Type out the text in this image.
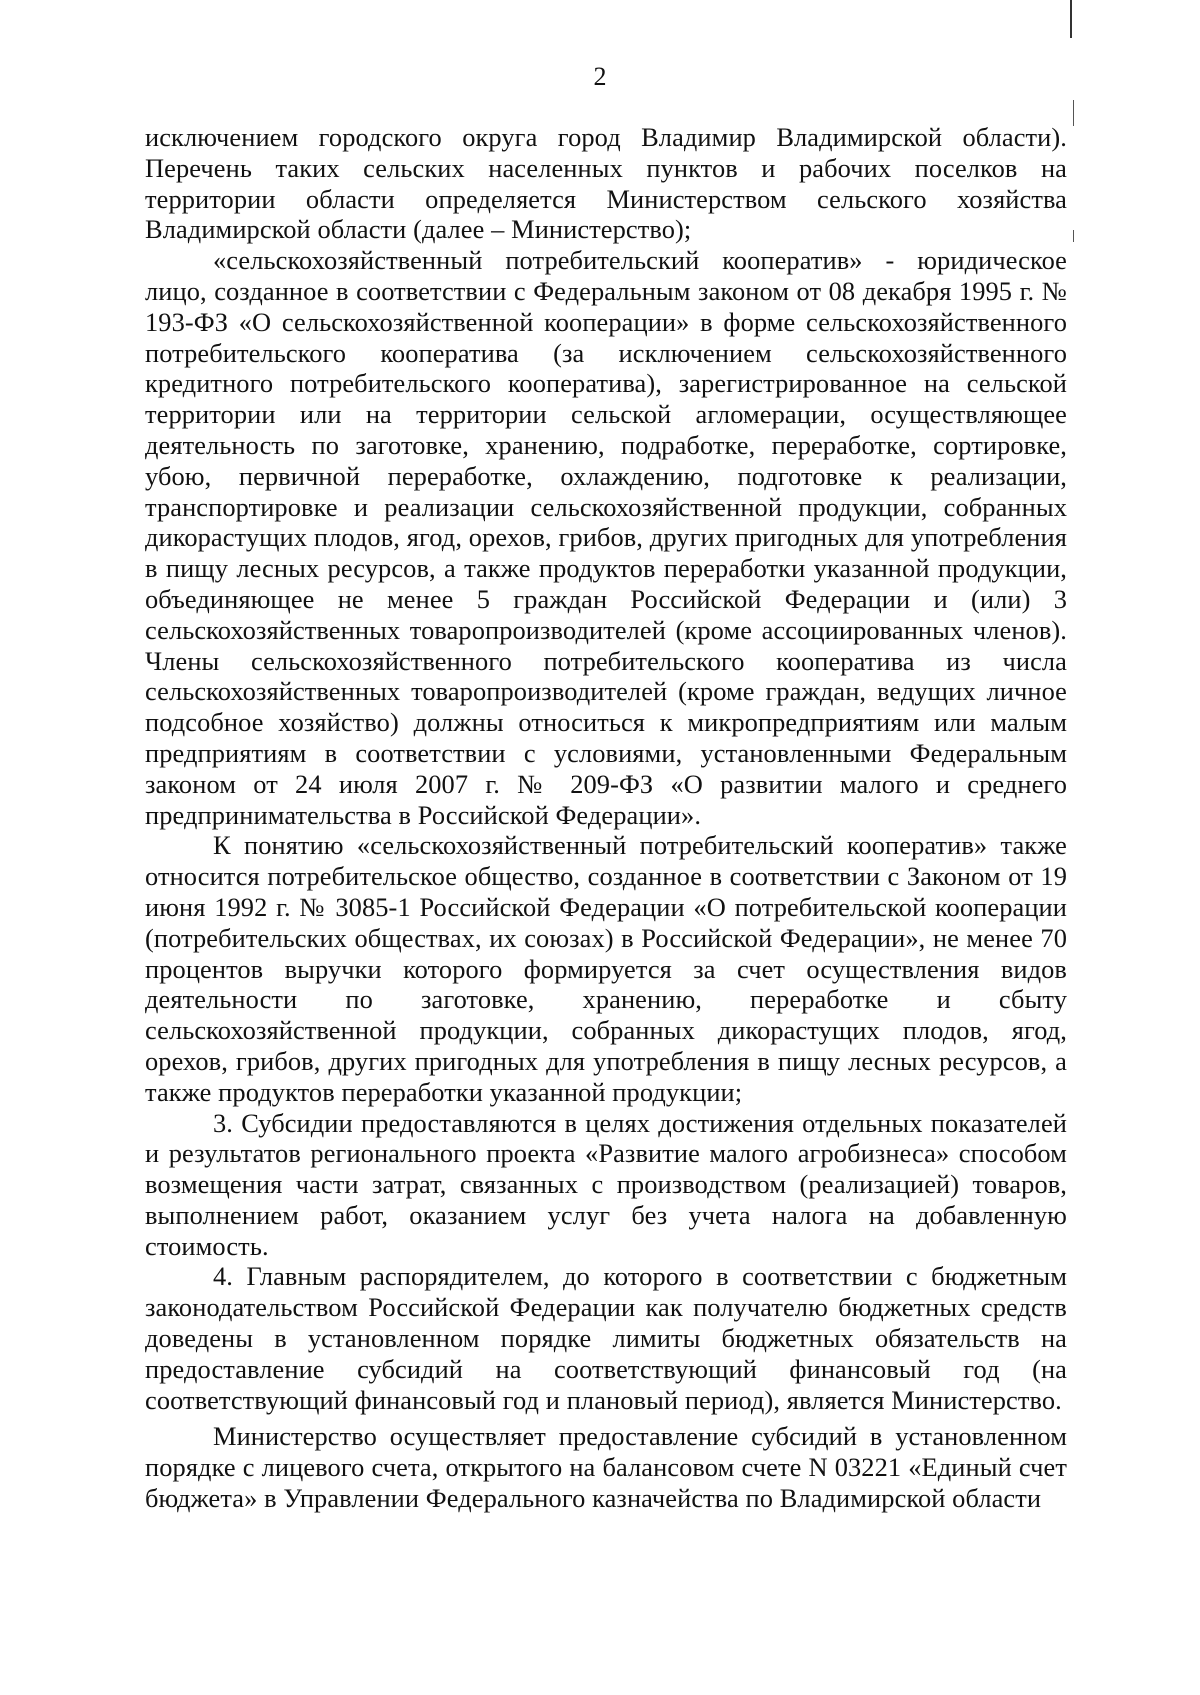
2

исключением городского округа город Владимир Владимирской области). Перечень таких сельских населенных пунктов и рабочих поселков на территории области определяется Министерством сельского хозяйства Владимирской области (далее – Министерство);

«сельскохозяйственный потребительский кооператив» - юридическое лицо, созданное в соответствии с Федеральным законом от 08 декабря 1995 г. № 193-ФЗ «О сельскохозяйственной кооперации» в форме сельскохозяйственного потребительского кооператива (за исключением сельскохозяйственного кредитного потребительского кооператива), зарегистрированное на сельской территории или на территории сельской агломерации, осуществляющее деятельность по заготовке, хранению, подработке, переработке, сортировке, убою, первичной переработке, охлаждению, подготовке к реализации, транспортировке и реализации сельскохозяйственной продукции, собранных дикорастущих плодов, ягод, орехов, грибов, других пригодных для употребления в пищу лесных ресурсов, а также продуктов переработки указанной продукции, объединяющее не менее 5 граждан Российской Федерации и (или) 3 сельскохозяйственных товаропроизводителей (кроме ассоциированных членов). Члены сельскохозяйственного потребительского кооператива из числа сельскохозяйственных товаропроизводителей (кроме граждан, ведущих личное подсобное хозяйство) должны относиться к микропредприятиям или малым предприятиям в соответствии с условиями, установленными Федеральным законом от 24 июля 2007 г. № 209-ФЗ «О развитии малого и среднего предпринимательства в Российской Федерации».

К понятию «сельскохозяйственный потребительский кооператив» также относится потребительское общество, созданное в соответствии с Законом от 19 июня 1992 г. № 3085-1 Российской Федерации «О потребительской кооперации (потребительских обществах, их союзах) в Российской Федерации», не менее 70 процентов выручки которого формируется за счет осуществления видов деятельности по заготовке, хранению, переработке и сбыту сельскохозяйственной продукции, собранных дикорастущих плодов, ягод, орехов, грибов, других пригодных для употребления в пищу лесных ресурсов, а также продуктов переработки указанной продукции;

3. Субсидии предоставляются в целях достижения отдельных показателей и результатов регионального проекта «Развитие малого агробизнеса» способом возмещения части затрат, связанных с производством (реализацией) товаров, выполнением работ, оказанием услуг без учета налога на добавленную стоимость.

4. Главным распорядителем, до которого в соответствии с бюджетным законодательством Российской Федерации как получателю бюджетных средств доведены в установленном порядке лимиты бюджетных обязательств на предоставление субсидий на соответствующий финансовый год (на соответствующий финансовый год и плановый период), является Министерство.

Министерство осуществляет предоставление субсидий в установленном порядке с лицевого счета, открытого на балансовом счете N 03221 «Единый счет бюджета» в Управлении Федерального казначейства по Владимирской области
